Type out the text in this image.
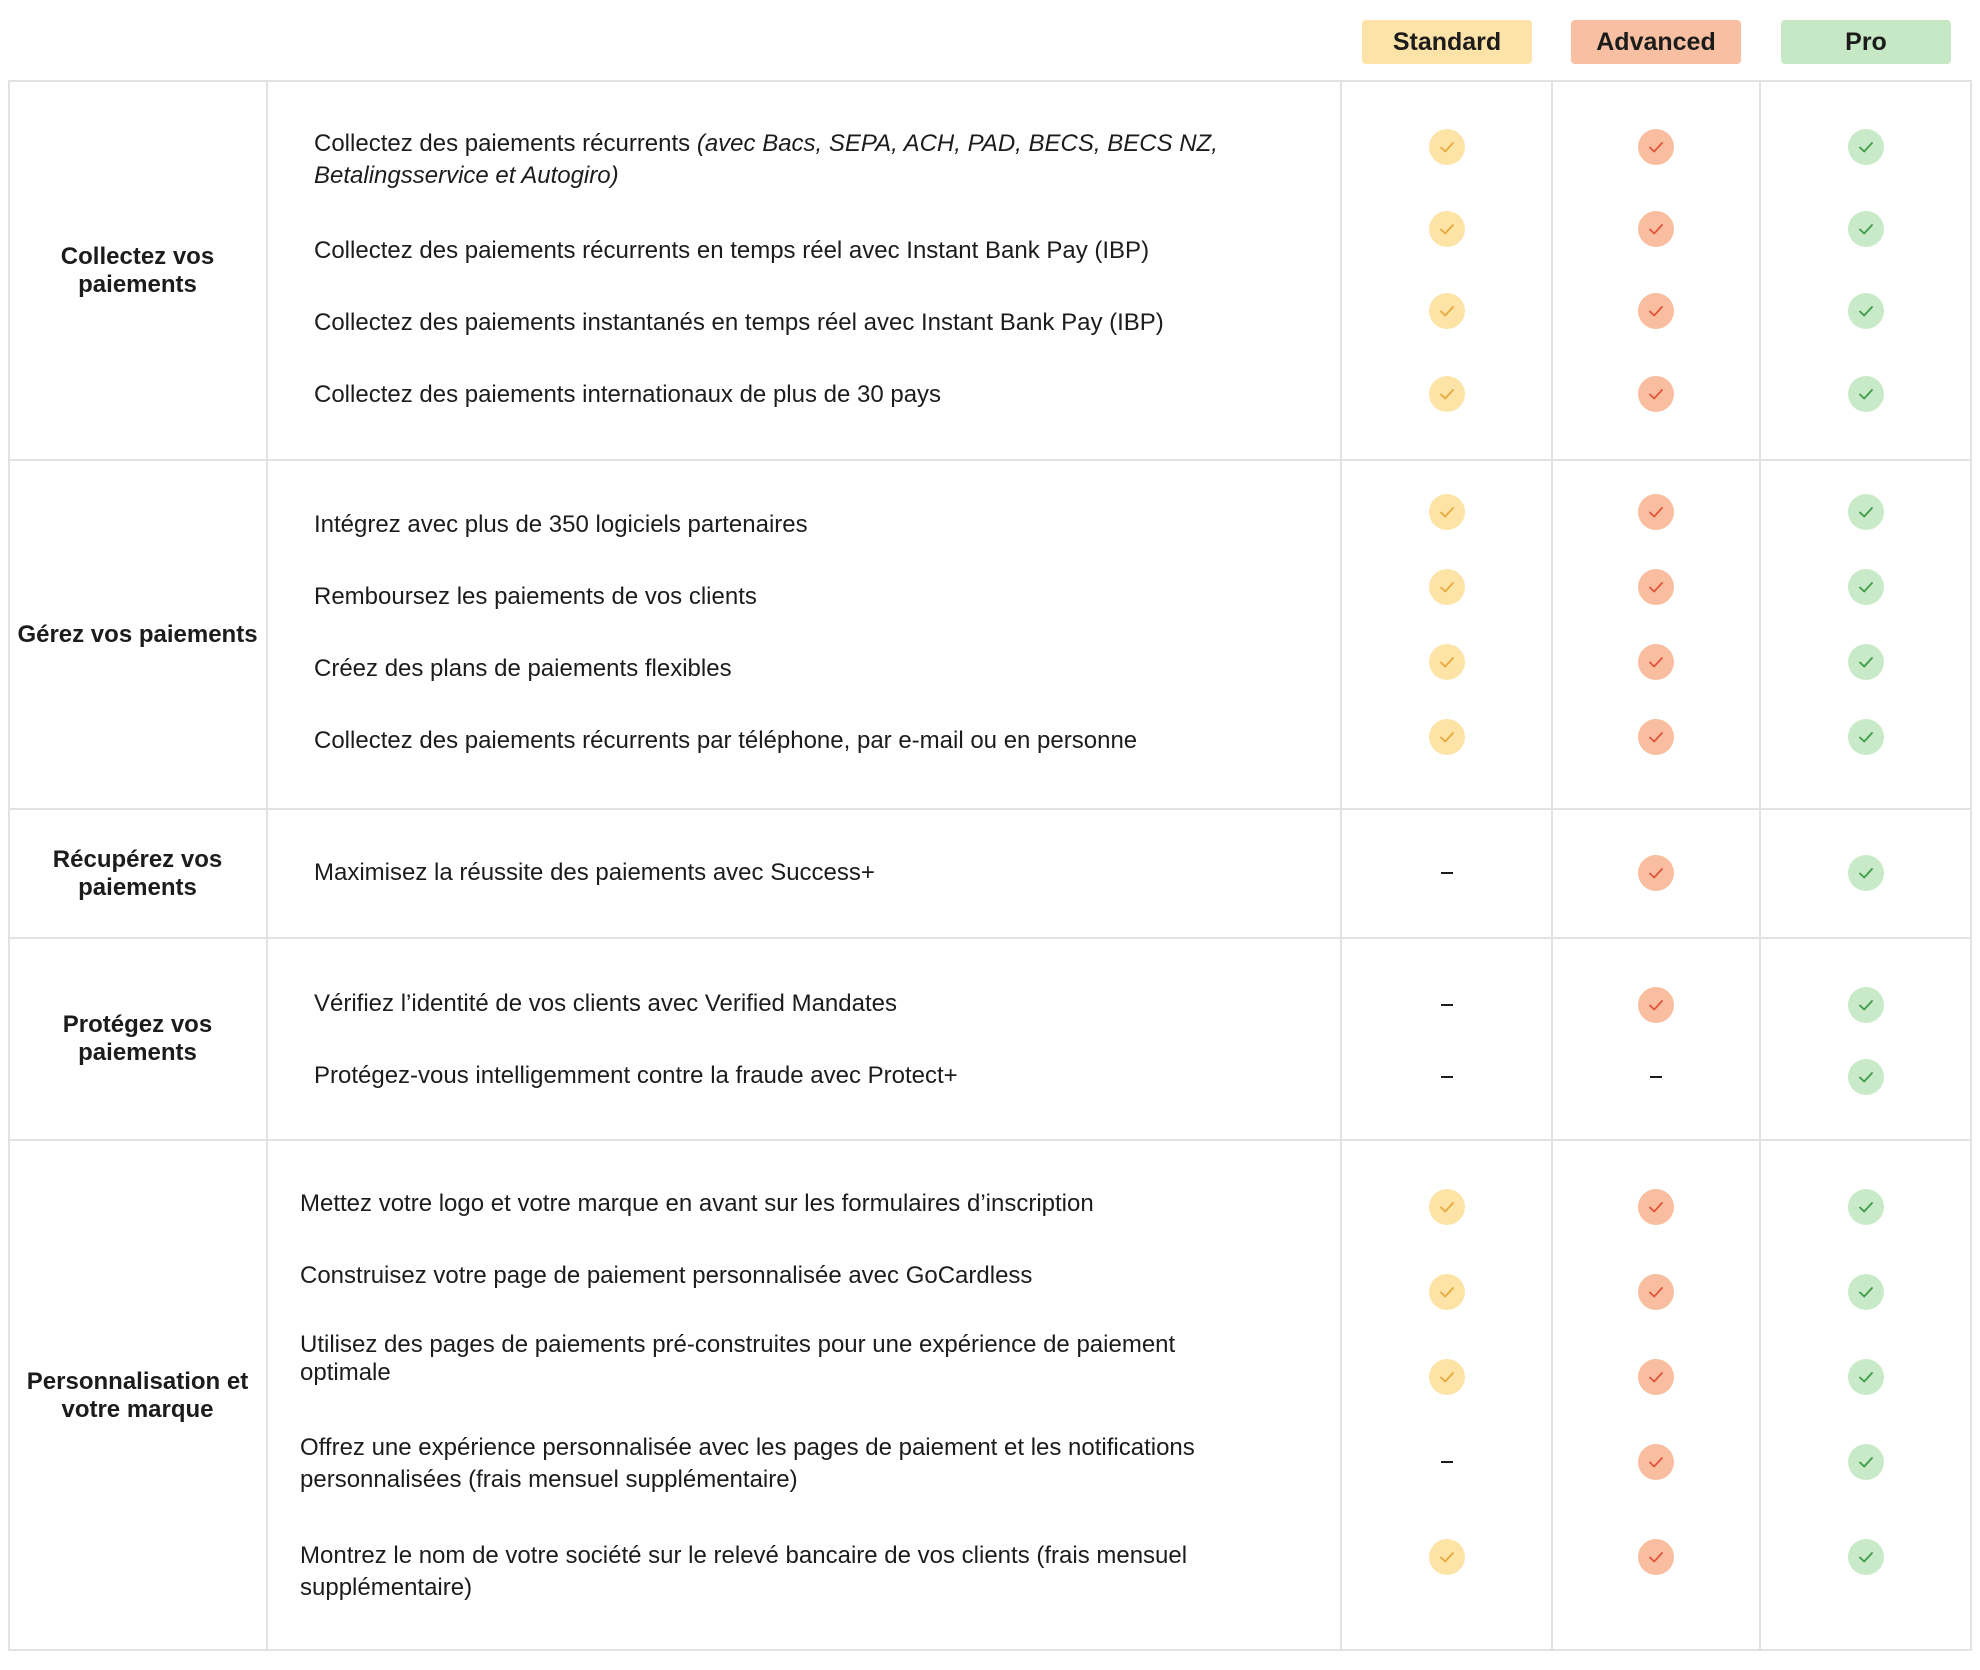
Standard	Advanced	Pro
Collectez vos paiements
Gérez vos paiements
Récupérez vos paiements
Protégez vos paiements
Personnalisation et votre marque
Collectez des paiements récurrents (avec Bacs, SEPA, ACH, PAD, BECS, BECS NZ, Betalingsservice et Autogiro)
Collectez des paiements récurrents en temps réel avec Instant Bank Pay (IBP)
Collectez des paiements instantanés en temps réel avec Instant Bank Pay (IBP)
Collectez des paiements internationaux de plus de 30 pays
Intégrez avec plus de 350 logiciels partenaires
Remboursez les paiements de vos clients
Créez des plans de paiements flexibles
Collectez des paiements récurrents par téléphone, par e-mail ou en personne
Maximisez la réussite des paiements avec Success+
Vérifiez l’identité de vos clients avec Verified Mandates
Protégez-vous intelligemment contre la fraude avec Protect+
Mettez votre logo et votre marque en avant sur les formulaires d’inscription
Construisez votre page de paiement personnalisée avec GoCardless
Utilisez des pages de paiements pré-construites pour une expérience de paiement optimale
Offrez une expérience personnalisée avec les pages de paiement et les notifications personnalisées (frais mensuel supplémentaire)
Montrez le nom de votre société sur le relevé bancaire de vos clients (frais mensuel supplémentaire)
